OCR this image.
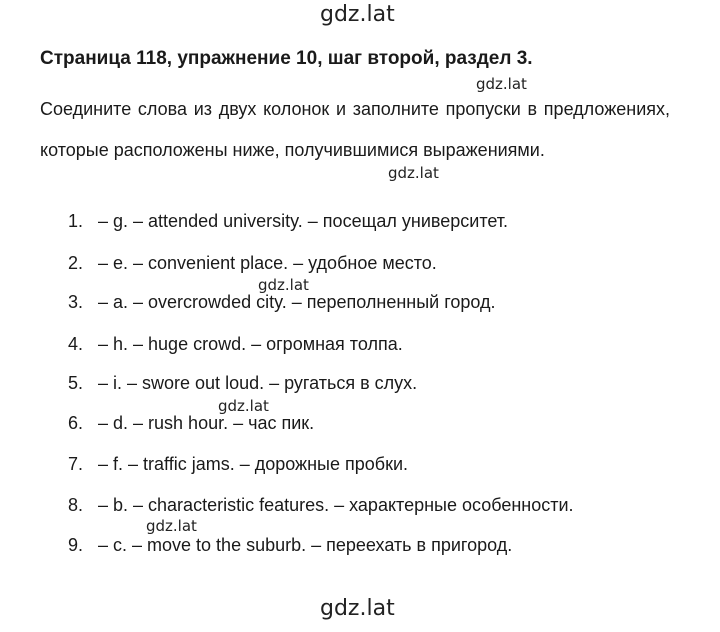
gdz.lat
Страница 118, упражнение 10, шаг второй, раздел 3.
Соедините слова из двух колонок и заполните пропуски в предложениях, которые расположены ниже, получившимися выражениями.
gdz.lat
gdz.lat
gdz.lat
gdz.lat
gdz.lat
1. – g. – attended university. – посещал университет.
2.– e. – convenient place. – удобное место.
3.– a. – overcrowded city. – переполненный город.
4.– h. – huge crowd. – огромная толпа.
5.– i. – swore out loud. – ругаться в слух.
6.– d. – rush hour. – час пик.
7.– f. – traffic jams. – дорожные пробки.
8.– b. – characteristic features. – характерные особенности.
9.– c. – move to the suburb. – переехать в пригород.
gdz.lat
